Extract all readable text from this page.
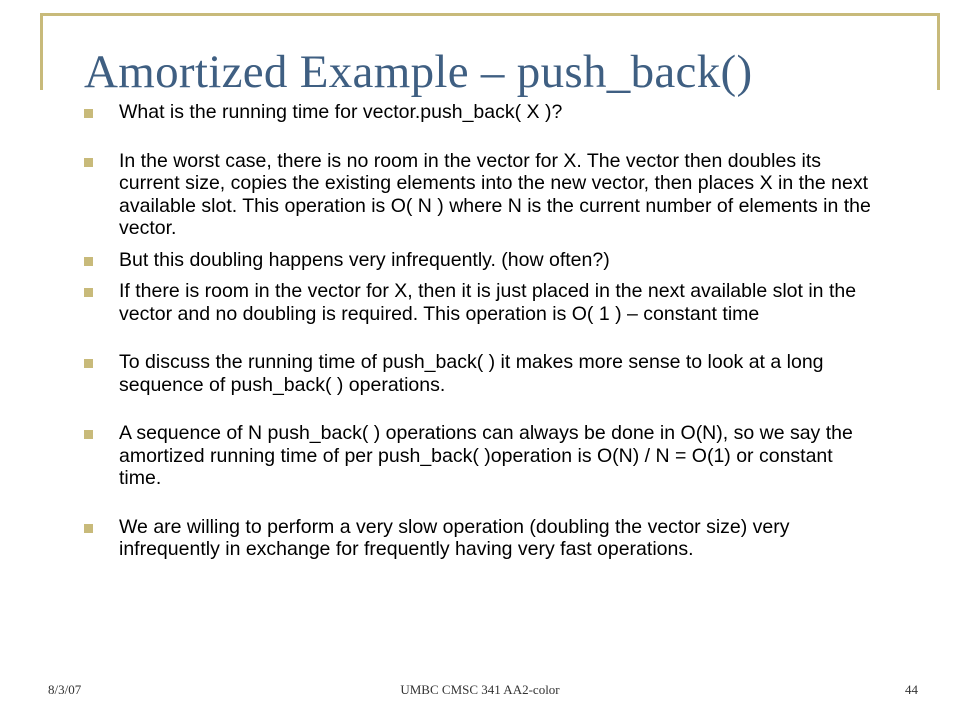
Amortized Example – push_back()
What is the running time for vector.push_back( X )?
In the worst case, there is no room in the vector for X. The vector then doubles its current size, copies the existing elements into the new vector, then places X in the next available slot. This operation is O( N ) where N is the current number of elements in the vector.
But this doubling happens very infrequently. (how often?)
If there is room in the vector for X, then it is just placed in the next available slot in the vector and no doubling is required. This operation is O( 1 ) – constant time
To discuss the running time of push_back( ) it makes more sense to look at a long sequence of push_back( ) operations.
A sequence of N push_back( ) operations can always be done in O(N), so we say the amortized running time of per push_back( )operation is O(N) / N = O(1) or constant time.
We are willing to perform a very slow operation (doubling the vector size) very infrequently in exchange for frequently having very fast operations.
8/3/07	UMBC CMSC 341 AA2-color	44
